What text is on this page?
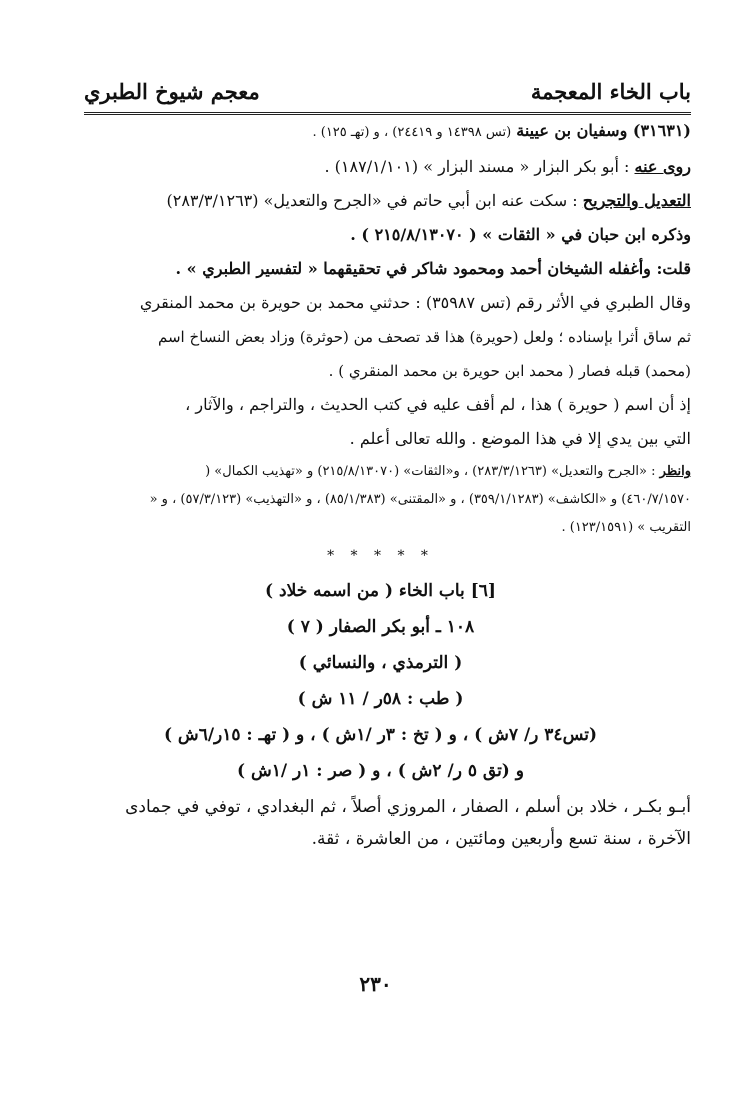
باب الخاء المعجمة
معجم شيوخ الطبري
(٣١٦٣١) وسفيان بن عيينة (تس ١٤٣٩٨ و ٢٤٤١٩) ، و (تهـ ١٢٥) .
روى عنه : أبو بكر البزار « مسند البزار » (١٨٧/١/١٠١) .
التعديل والتجريح : سكت عنه ابن أبي حاتم في «الجرح والتعديل» (٢٨٣/٣/١٢٦٣)
وذكره ابن حبان في « الثقات » ( ٢١٥/٨/١٣٠٧٠ ) .
قلت: وأغفله الشيخان أحمد ومحمود شاكر في تحقيقهما « لتفسير الطبري » .
وقال الطبري في الأثر رقم (تس ٣٥٩٨٧) : حدثني محمد بن حويرة بن محمد المنقري
ثم ساق أثرا بإسناده ؛ ولعل (حويرة) هذا قد تصحف من (حوثرة) وزاد بعض النساخ اسم
(محمد) قبله فصار ( محمد ابن حويرة بن محمد المنقري ) .
إذ أن اسم ( حويرة ) هذا ، لم أقف عليه في كتب الحديث ، والتراجم ، والآثار ،
التي بين يدي إلا في هذا الموضع . والله تعالى أعلم .
وانظر : «الجرح والتعديل» (٢٨٣/٣/١٢٦٣) ، و«الثقات» (٢١٥/٨/١٣٠٧٠) و «تهذيب الكمال» (
٤٦٠/٧/١٥٧٠) و «الكاشف» (٣٥٩/١/١٢٨٣) ، و «المقتنى» (٨٥/١/٣٨٣) ، و «التهذيب» (٥٧/٣/١٢٣) ، و «
التقريب » (١٢٣/١٥٩١) .
* * * * *
[٦] باب الخاء ( من اسمه خلاد )
١٠٨ ـ أبو بكر الصفار ( ٧ )
( الترمذي ، والنسائي )
( طب : ٥٨ر / ١١ ش )
(تس٣٤ ر/ ٧ش ) ، و ( تخ : ٣ر /١ش ) ، و ( تهـ : ١٥ر/٦ش )
و (تق ٥ ر/ ٢ش ) ، و ( صر : ١ر /١ش )
أبـو بكـر ، خلاد بن أسلم ، الصفار ، المروزي أصلاً ، ثم البغدادي ، توفي في جمادى
الآخرة ، سنة تسع وأربعين ومائتين ، من العاشرة ، ثقة.
٢٣٠
